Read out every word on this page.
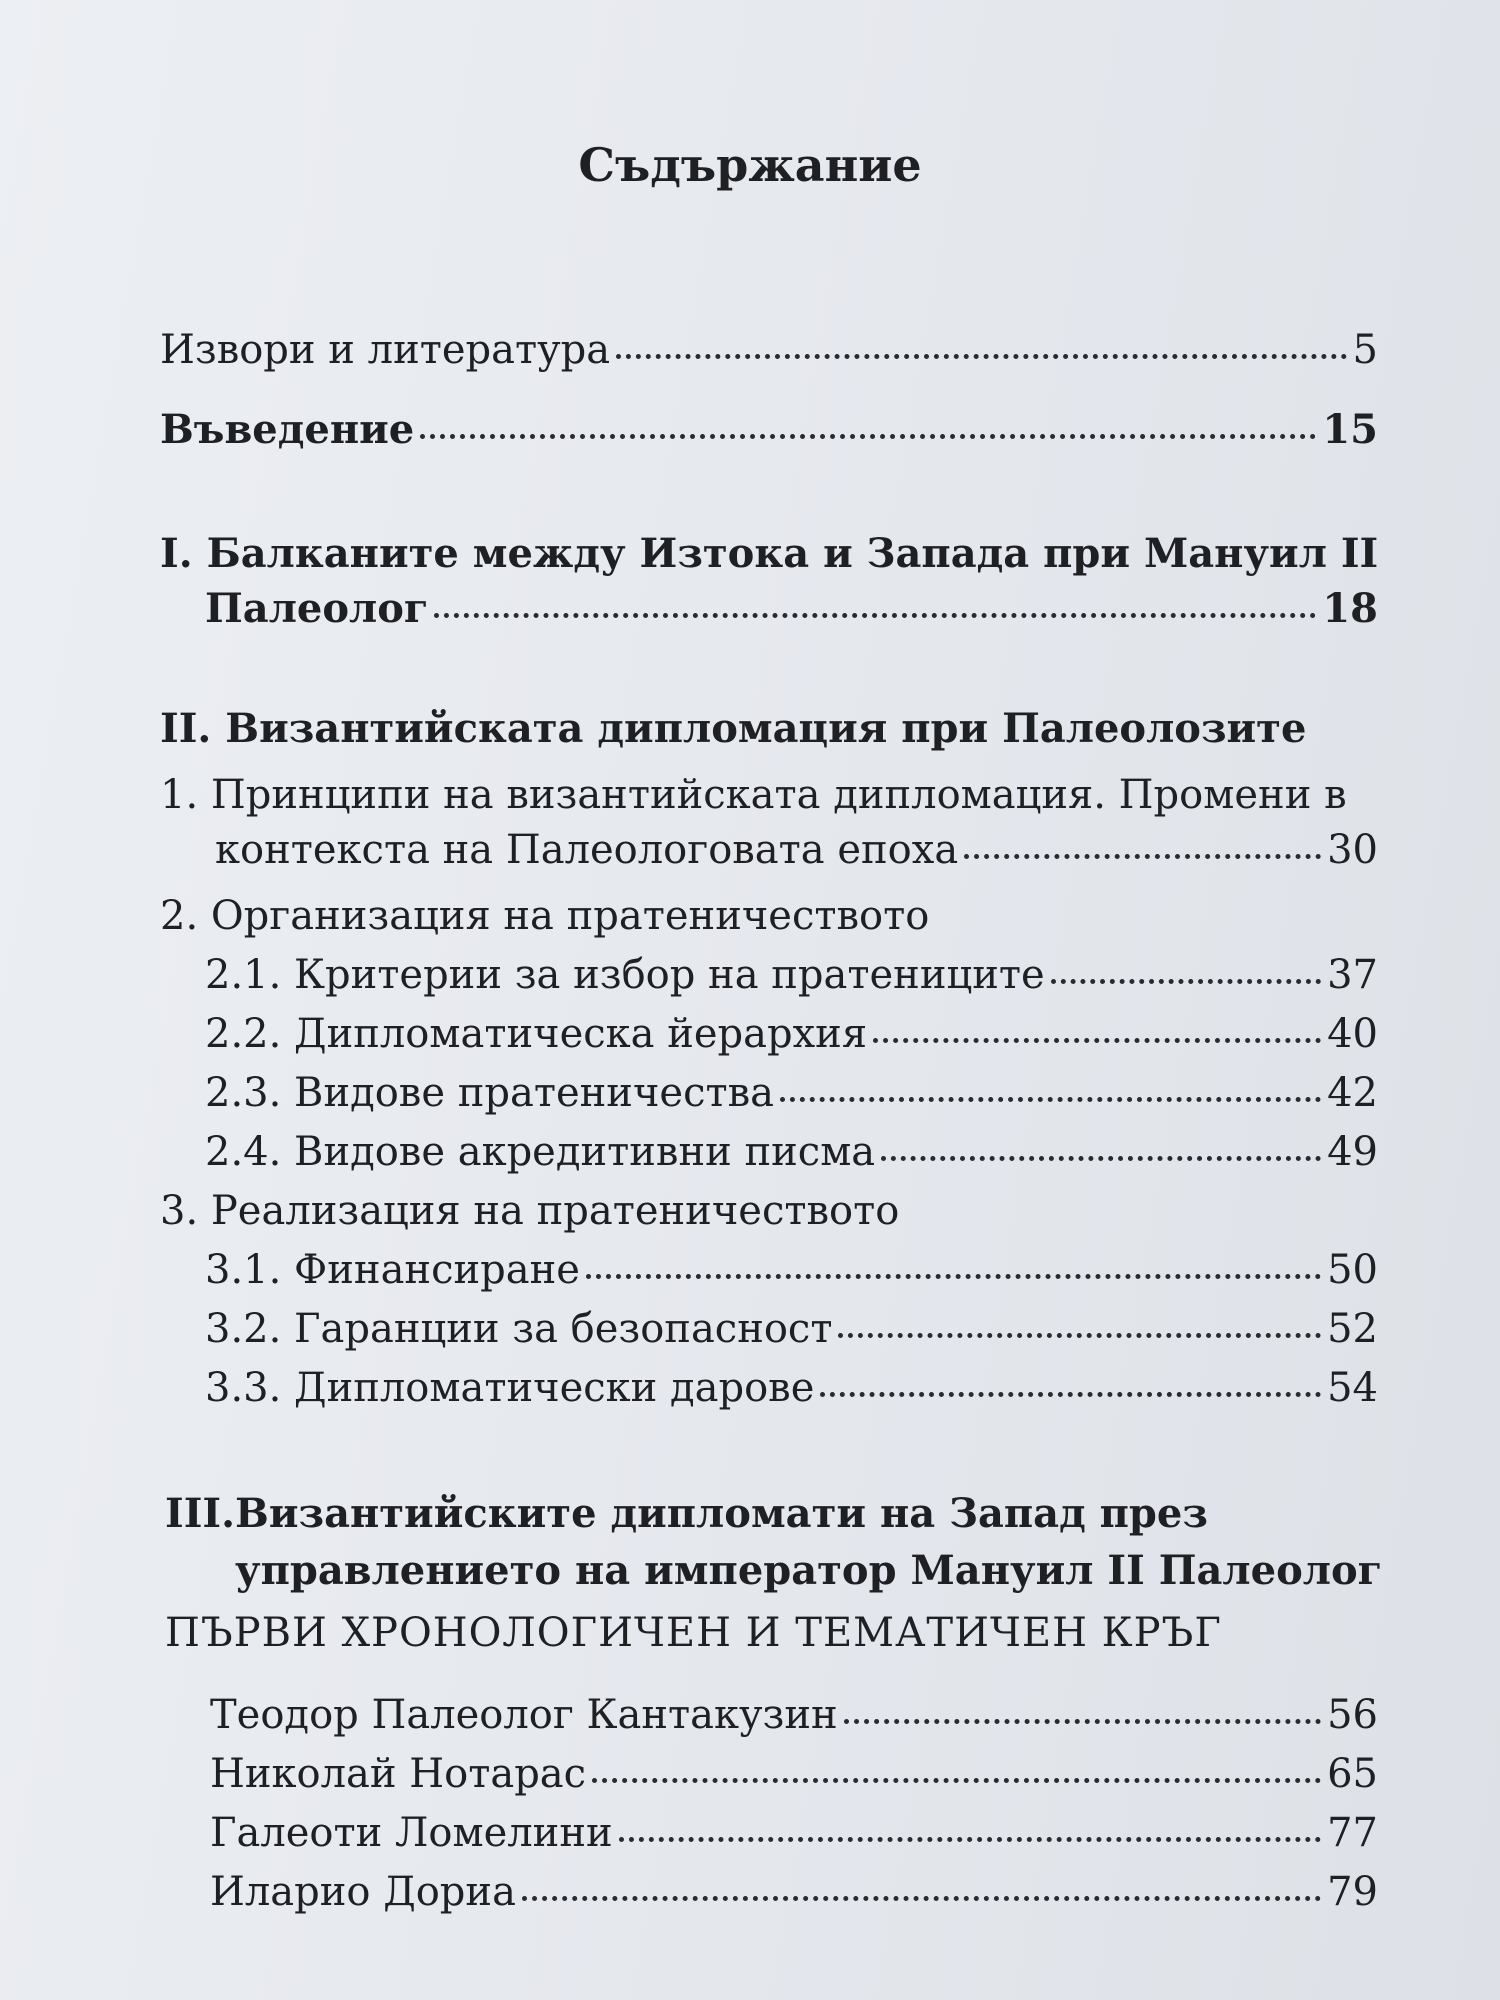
Съдържание
Извори и литература	5
Въведение	15
I. Балканите между Изтока и Запада при Мануил II
Палеолог	18
II. Византийската дипломация при Палеолозите
1. Принципи на византийската дипломация. Промени в
контекста на Палеологовата епоха	30
2. Организация на пратеничеството
2.1. Критерии за избор на пратениците	37
2.2. Дипломатическа йерархия	40
2.3. Видове пратеничества	42
2.4. Видове акредитивни писма	49
3. Реализация на пратеничеството
3.1. Финансиране	50
3.2. Гаранции за безопасност	52
3.3. Дипломатически дарове	54
III.Византийските дипломати на Запад през
управлението на император Мануил II Палеолог
ПЪРВИ ХРОНОЛОГИЧЕН И ТЕМАТИЧЕН КРЪГ
Теодор Палеолог Кантакузин	56
Николай Нотарас	65
Галеоти Ломелини	77
Иларио Дориа	79
